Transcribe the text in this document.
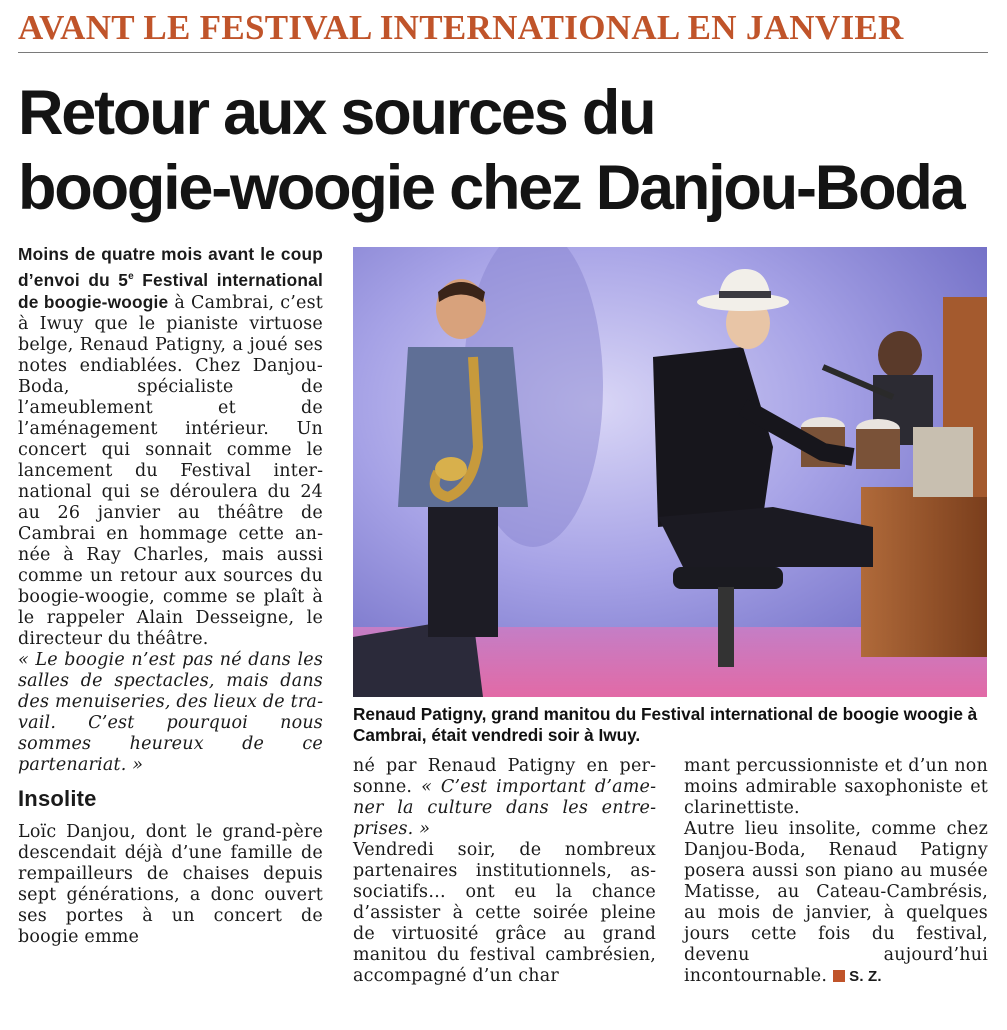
AVANT LE FESTIVAL INTERNATIONAL EN JANVIER
Retour aux sources du
boogie-woogie chez Danjou-Boda

Moins de quatre mois avant le coup d’envoi du 5e Festival international de boogie-woogie à Cambrai, c’est à Iwuy que le pianiste virtuose belge, Renaud Patigny, a joué ses notes endiablées. Chez Danjou-Boda, spécialiste de l’ameublement et de l’aménagement intérieur. Un concert qui sonnait comme le lancement du Festival international qui se déroulera du 24 au 26 janvier au théâtre de Cambrai en hommage cette année à Ray Charles, mais aussi comme un retour aux sources du boogie-woogie, comme se plaît à le rappeler Alain Desseigne, le directeur du théâtre.

« Le boogie n’est pas né dans les salles de spectacles, mais dans des menuiseries, des lieux de travail. C’est pourquoi nous sommes heureux de ce partenariat. »

Insolite

Loïc Danjou, dont le grand-père descendait déjà d’une famille de rempailleurs de chaises depuis sept générations, a donc ouvert ses portes à un concert de boogie emme

Renaud Patigny, grand manitou du Festival international de boogie woogie à Cambrai, était vendredi soir à Iwuy.

né par Renaud Patigny en personne. « C’est important d’amener la culture dans les entreprises. »

Vendredi soir, de nombreux partenaires institutionnels, associatifs… ont eu la chance d’assister à cette soirée pleine de virtuosité grâce au grand manitou du festival cambrésien, accompagné d’un char

mant percussionniste et d’un non moins admirable saxophoniste et clarinettiste.

Autre lieu insolite, comme chez Danjou-Boda, Renaud Patigny posera aussi son piano au musée Matisse, au Cateau-Cambrésis, au mois de janvier, à quelques jours cette fois du festival, devenu aujourd’hui incontournable. S. Z.
